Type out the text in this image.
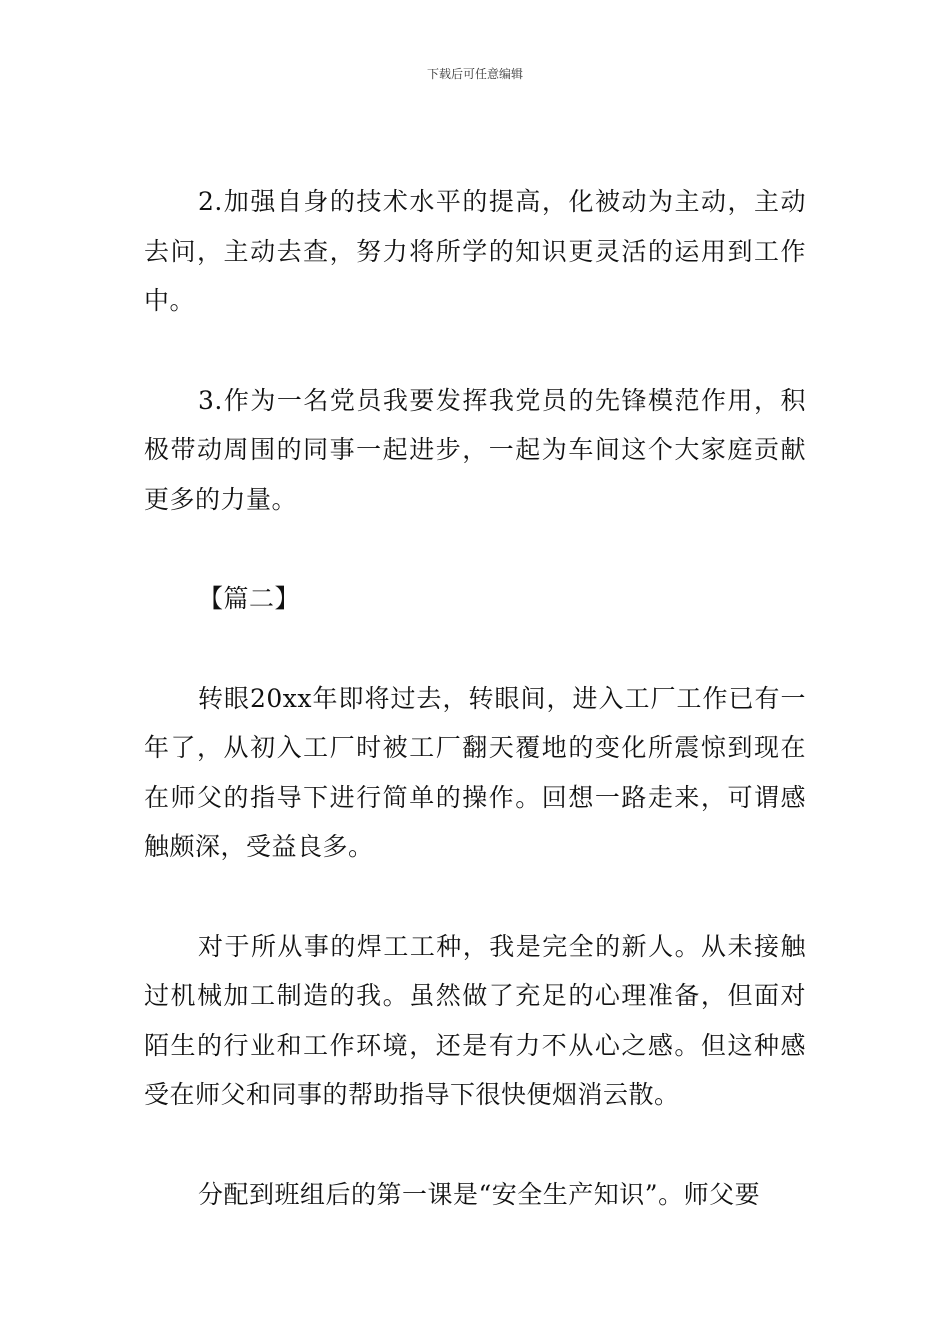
下载后可任意编辑

2.加强自身的技术水平的提高，化被动为主动，主动去问，主动去查，努力将所学的知识更灵活的运用到工作中。

3.作为一名党员我要发挥我党员的先锋模范作用，积极带动周围的同事一起进步，一起为车间这个大家庭贡献更多的力量。

【篇二】

转眼20xx年即将过去，转眼间，进入工厂工作已有一年了，从初入工厂时被工厂翻天覆地的变化所震惊到现在在师父的指导下进行简单的操作。回想一路走来，可谓感触颇深，受益良多。

对于所从事的焊工工种，我是完全的新人。从未接触过机械加工制造的我。虽然做了充足的心理准备，但面对陌生的行业和工作环境，还是有力不从心之感。但这种感受在师父和同事的帮助指导下很快便烟消云散。

分配到班组后的第一课是“安全生产知识”。师父要
